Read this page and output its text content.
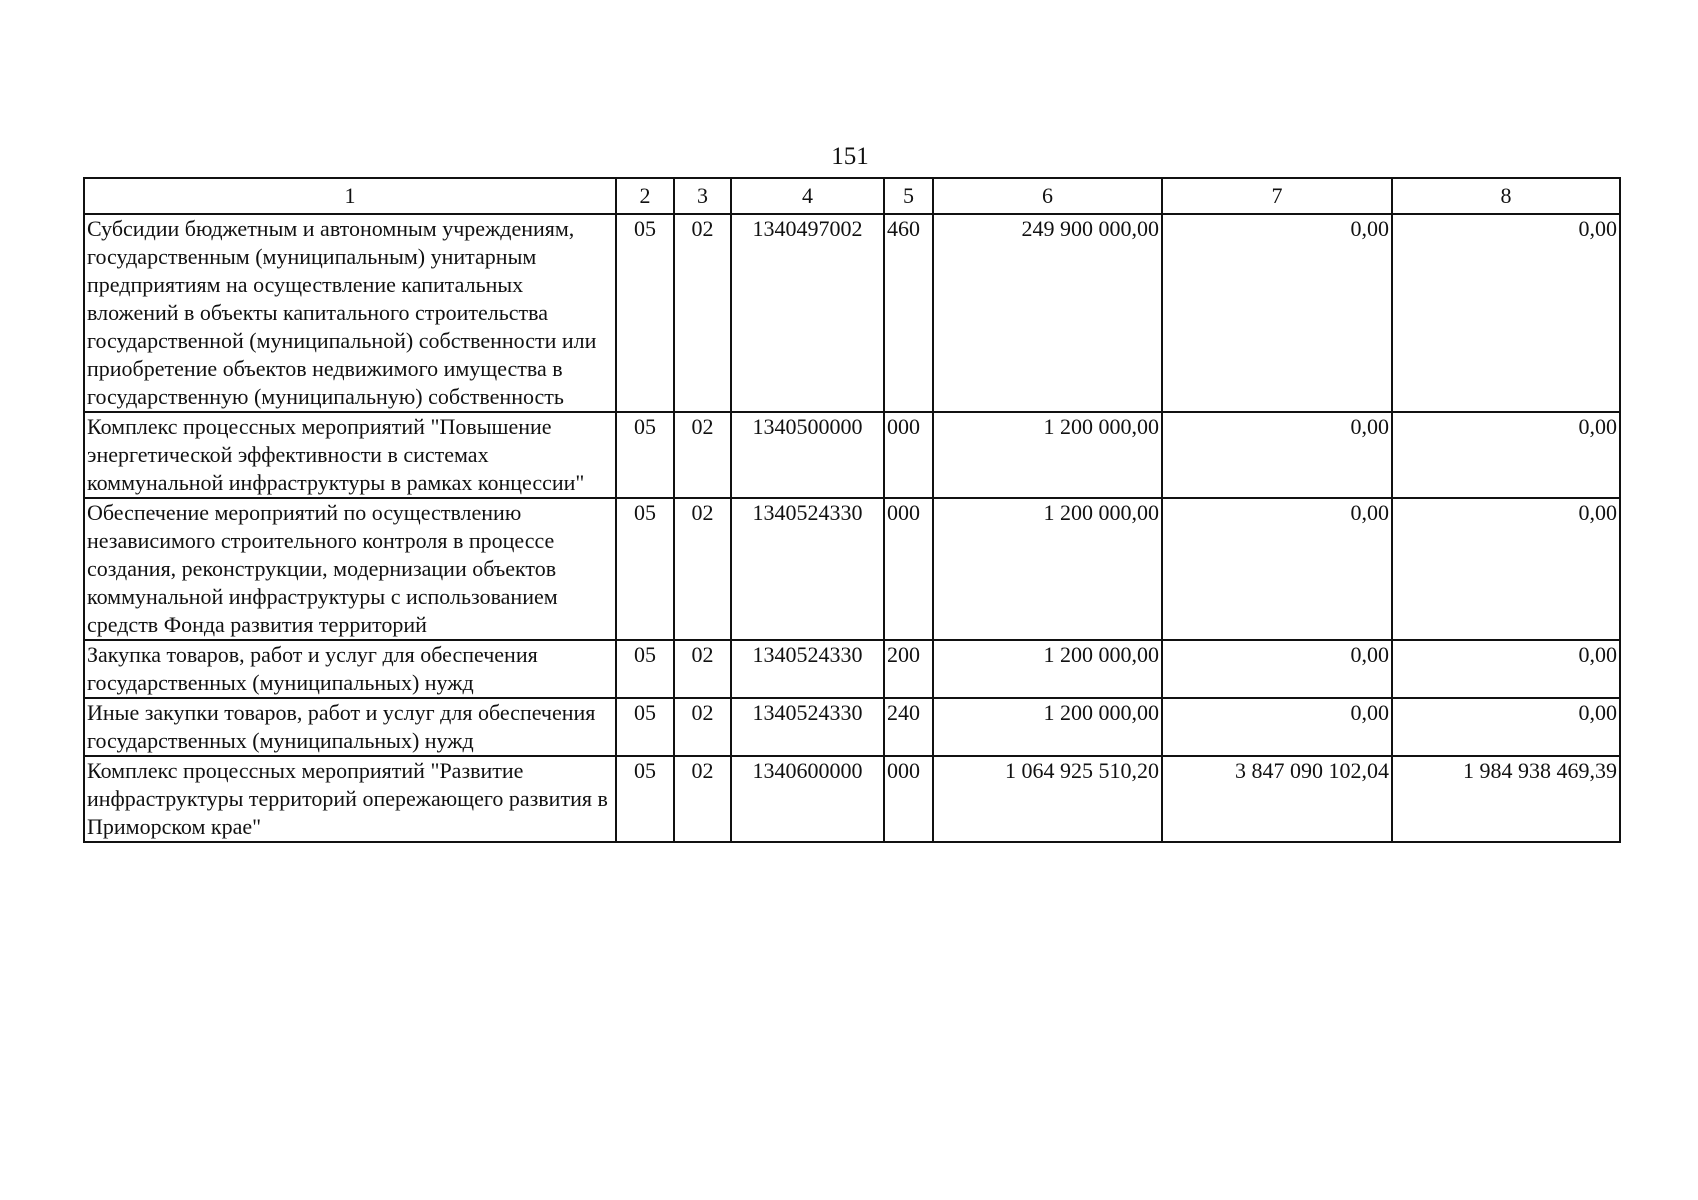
151
1	2	3	4	5	6	7	8
Субсидии бюджетным и автономным учреждениям, государственным (муниципальным) унитарным предприятиям на осуществление капитальных вложений в объекты капитального строительства государственной (муниципальной) собственности или приобретение объектов недвижимого имущества в государственную (муниципальную) собственность	05	02	1340497002	460	249 900 000,00	0,00	0,00
Комплекс процессных мероприятий "Повышение энергетической эффективности в системах коммунальной инфраструктуры в рамках концессии"	05	02	1340500000	000	1 200 000,00	0,00	0,00
Обеспечение мероприятий по осуществлению независимого строительного контроля в процессе создания, реконструкции, модернизации объектов коммунальной инфраструктуры с использованием средств Фонда развития территорий	05	02	1340524330	000	1 200 000,00	0,00	0,00
Закупка товаров, работ и услуг для обеспечения государственных (муниципальных) нужд	05	02	1340524330	200	1 200 000,00	0,00	0,00
Иные закупки товаров, работ и услуг для обеспечения государственных (муниципальных) нужд	05	02	1340524330	240	1 200 000,00	0,00	0,00
Комплекс процессных мероприятий "Развитие инфраструктуры территорий опережающего развития в Приморском крае"	05	02	1340600000	000	1 064 925 510,20	3 847 090 102,04	1 984 938 469,39
